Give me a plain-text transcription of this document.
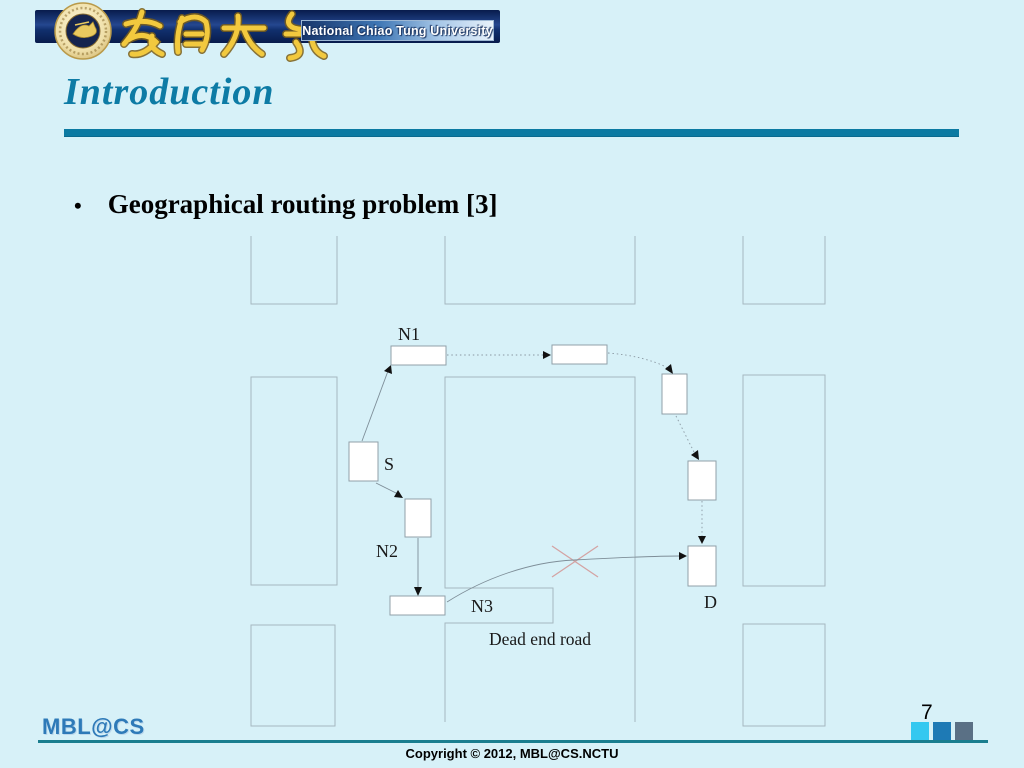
National Chiao Tung University
Introduction
• Geographical routing problem [3]
N1
S
N2
N3	D
Dead end road
MBL@CS
Copyright © 2012, MBL@CS.NCTU
7
